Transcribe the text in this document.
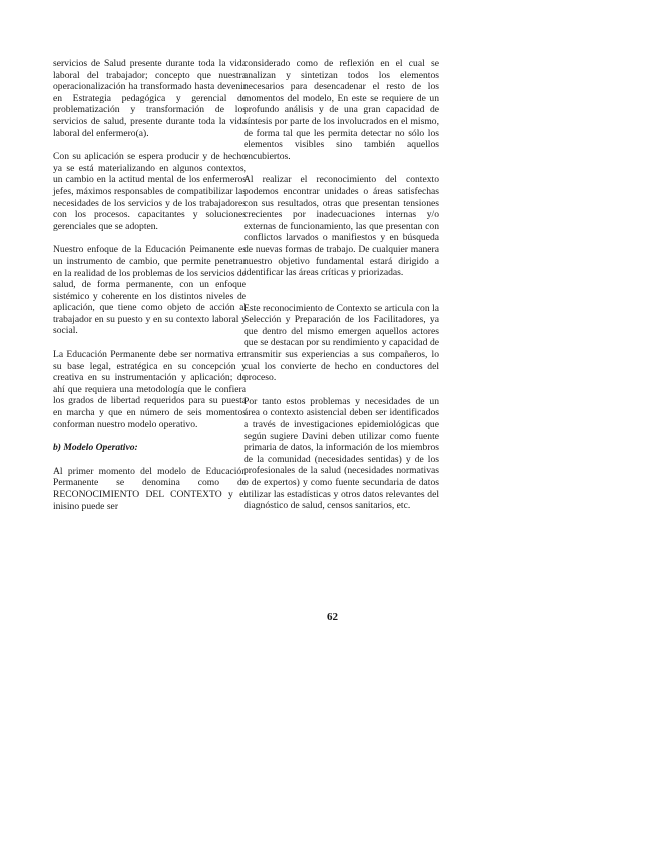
servicios de Salud presente durante toda la vida laboral del trabajador; concepto que nuestra operacionalización ha transformado hasta devenir en Estrategia pedagógica y gerencial de problematización y transformación de los servicios de salud, presente durante toda la vida laboral del enfermero(a).

Con su aplicación se espera producir y de hecho ya se está materializando en algunos contextos, un cambio en la actitud mental de los enfermeros jefes, máximos responsables de compatibilizar las necesidades de los servicios y de los trabajadores con los procesos. capacitantes y soluciones gerenciales que se adopten.

Nuestro enfoque de la Educación Peimanente es un instrumento de cambio, que permite penetrar en la realidad de los problemas de los servicios de salud, de forma permanente, con un enfoque sistémico y coherente en los distintos niveles de aplicación, que tiene como objeto de acción al trabajador en su puesto y en su contexto laboral y social.

La Educación Permanente debe ser normativa en su base legal, estratégica en su concepción y creativa en su instrumentación y aplicación; de ahí que requiera una metodología que le confiera los grados de libertad requeridos para su puesta en marcha y que en número de seis momentos conforman nuestro modelo operativo.

b) Modelo Operativo:

Al primer momento del modelo de Educación Permanente se denomina como de RECONOCIMIENTO DEL CONTEXTO y el inisino puede ser

considerado como de reflexión en el cual se analizan y sintetizan todos los elementos necesarios para desencadenar el resto de los momentos del modelo, En este se requiere de un profundo análisis y de una gran capacidad de síntesis por parte de los involucrados en el mismo, de forma tal que les permita detectar no sólo los elementos visibles sino también aquellos encubiertos.

Al realizar el reconocimiento del contexto podemos encontrar unidades o áreas satisfechas con sus resultados, otras que presentan tensiones crecientes por inadecuaciones internas y/o externas de funcionamiento, las que presentan con conflictos larvados o manifiestos y en búsqueda de nuevas formas de trabajo. De cualquier manera nuestro objetivo fundamental estará dirigido a identificar las áreas críticas y priorizadas.

Este reconocimiento de Contexto se articula con la Selección y Preparación de los Facilitadores, ya que dentro del mismo emergen aquellos actores que se destacan por su rendimiento y capacidad de transmitir sus experiencias a sus compañeros, lo cual los convierte de hecho en conductores del proceso.

Por tanto estos problemas y necesidades de un área o contexto asistencial deben ser identificados a través de investigaciones epidemiológicas que según sugiere Davini deben utilizar como fuente primaria de datos, la información de los miembros de la comunidad (necesidades sentidas) y de los profesionales de la salud (necesidades normativas o de expertos) y como fuente secundaria de datos utilizar las estadísticas y otros datos relevantes del diagnóstico de salud, censos sanitarios, etc.

62
